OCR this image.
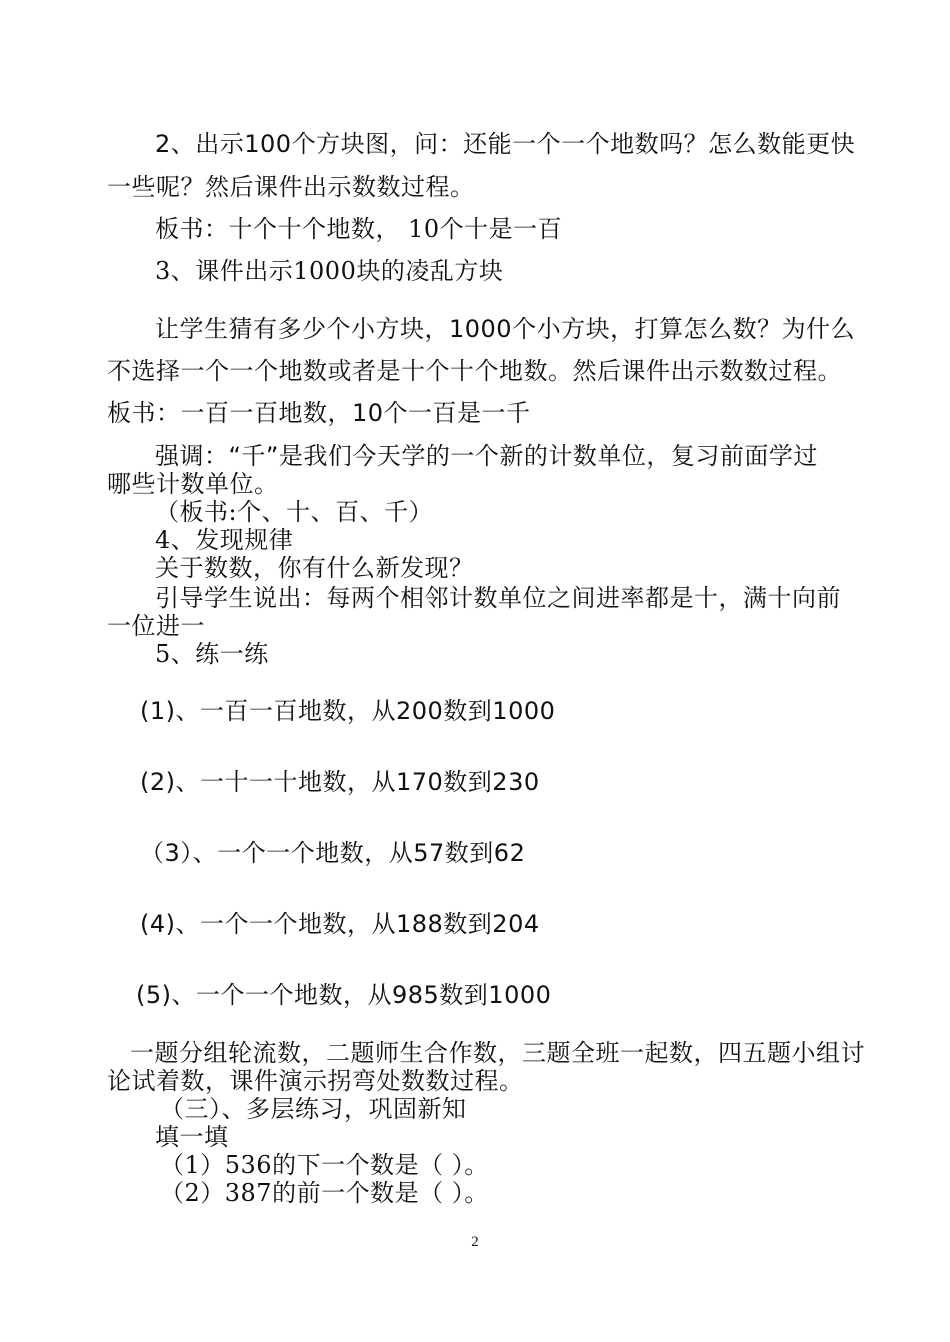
2、出示100个方块图，问：还能一个一个地数吗？怎么数能更快
一些呢？然后课件出示数数过程。
板书：十个十个地数， 10个十是一百
3、课件出示1000块的凌乱方块
让学生猜有多少个小方块，1000个小方块，打算怎么数？为什么
不选择一个一个地数或者是十个十个地数。然后课件出示数数过程。
板书：一百一百地数，10个一百是一千
强调：“千”是我们今天学的一个新的计数单位，复习前面学过
哪些计数单位。
（板书:个、十、百、千）
4、发现规律
关于数数，你有什么新发现？
引导学生说出：每两个相邻计数单位之间进率都是十，满十向前
一位进一
5、练一练
(1)、一百一百地数，从200数到1000
(2)、一十一十地数，从170数到230
（3）、一个一个地数，从57数到62
(4)、一个一个地数，从188数到204
(5)、一个一个地数，从985数到1000
一题分组轮流数，二题师生合作数，三题全班一起数，四五题小组讨
论试着数，课件演示拐弯处数数过程。
（三）、多层练习，巩固新知
填一填
（1）536的下一个数是（ ）。
（2）387的前一个数是（ ）。
2
